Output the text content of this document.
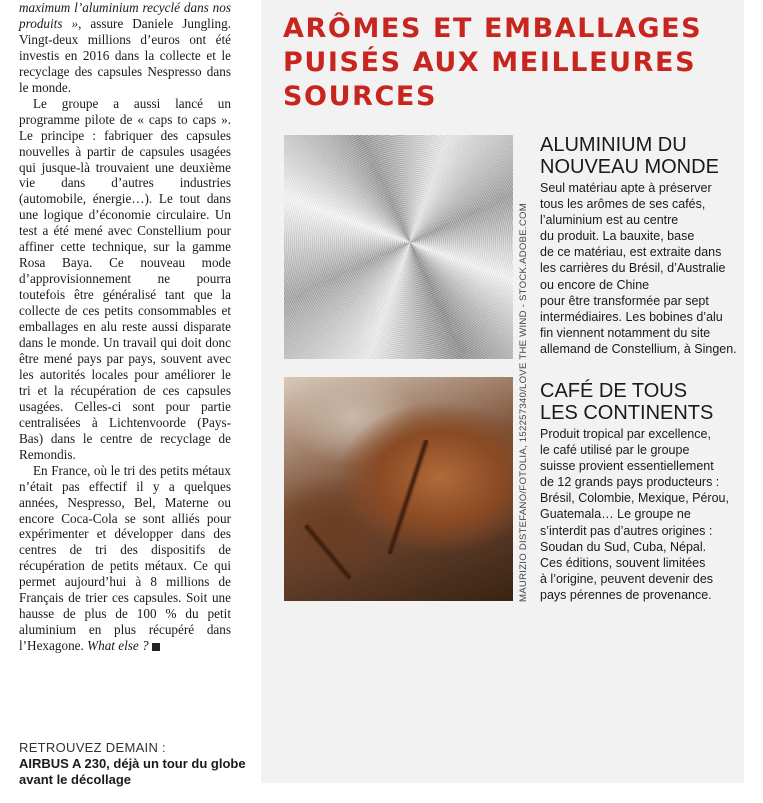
maximum l’aluminium recyclé dans nos produits », assure Daniele Jungling. Vingt-deux millions d’euros ont été investis en 2016 dans la collecte et le recyclage des capsules Nespresso dans le monde.

Le groupe a aussi lancé un programme pilote de « caps to caps ». Le principe : fabriquer des capsules nouvelles à partir de capsules usagées qui jusque-là trouvaient une deuxième vie dans d’autres industries (automobile, énergie…). Le tout dans une logique d’économie circulaire. Un test a été mené avec Constellium pour affiner cette technique, sur la gamme Rosa Baya. Ce nouveau mode d’approvisionnement ne pourra toutefois être généralisé tant que la collecte de ces petits consommables et emballages en alu reste aussi disparate dans le monde. Un travail qui doit donc être mené pays par pays, souvent avec les autorités locales pour améliorer le tri et la récupération de ces capsules usagées. Celles-ci sont pour partie centralisées à Lichtenvoorde (Pays-Bas) dans le centre de recyclage de Remondis.

En France, où le tri des petits métaux n’était pas effectif il y a quelques années, Nespresso, Bel, Materne ou encore Coca-Cola se sont alliés pour expérimenter et développer dans des centres de tri des dispositifs de récupération de petits métaux. Ce qui permet aujourd’hui à 8 millions de Français de trier ces capsules. Soit une hausse de plus de 100 % du petit aluminium en plus récupéré dans l’Hexagone. What else ?

RETROUVEZ DEMAIN :
AIRBUS A 230, déjà un tour du globe avant le décollage
ARÔMES ET EMBALLAGES PUISÉS AUX MEILLEURES SOURCES
MAURIZIO DISTEFANO/FOTOLIA, 152257340/LOVE THE WIND - STOCK.ADOBE.COM
ALUMINIUM DU
NOUVEAU MONDE
Seul matériau apte à préserver
tous les arômes de ses cafés,
l’aluminium est au centre
du produit. La bauxite, base
de ce matériau, est extraite dans
les carrières du Brésil, d’Australie
ou encore de Chine
pour être transformée par sept
intermédiaires. Les bobines d’alu
fin viennent notamment du site
allemand de Constellium, à Singen.
CAFÉ DE TOUS
LES CONTINENTS
Produit tropical par excellence,
le café utilisé par le groupe
suisse provient essentiellement
de 12 grands pays producteurs :
Brésil, Colombie, Mexique, Pérou,
Guatemala… Le groupe ne
s’interdit pas d’autres origines :
Soudan du Sud, Cuba, Népal.
Ces éditions, souvent limitées
à l’origine, peuvent devenir des
pays pérennes de provenance.
